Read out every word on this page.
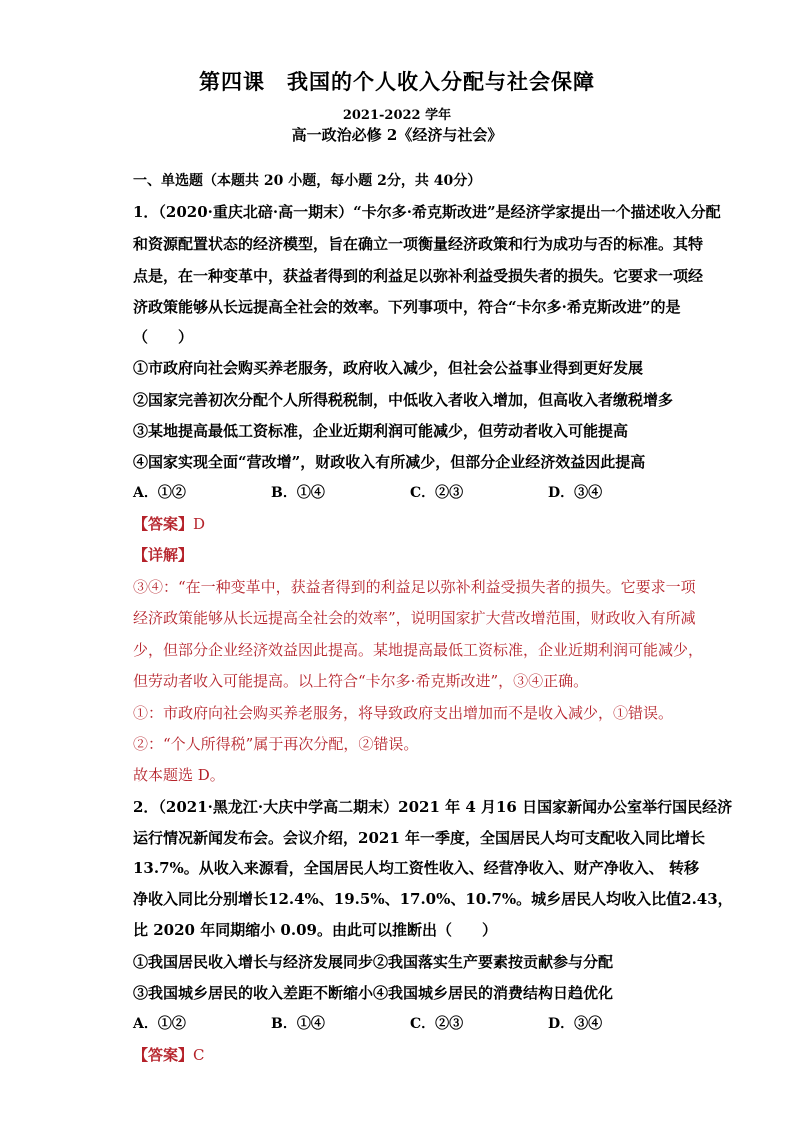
第四课　我国的个人收入分配与社会保障
2021-2022 学年
高一政治必修 2《经济与社会》
一、单选题（本题共 20 小题，每小题 2分，共 40分）
1．（2020·重庆北碚·高一期末）“卡尔多·希克斯改进”是经济学家提出一个描述收入分配
和资源配置状态的经济模型，旨在确立一项衡量经济政策和行为成功与否的标准。其特
点是，在一种变革中，获益者得到的利益足以弥补利益受损失者的损失。它要求一项经
济政策能够从长远提高全社会的效率。下列事项中，符合“卡尔多·希克斯改进”的是
（　　）
①市政府向社会购买养老服务，政府收入减少，但社会公益事业得到更好发展
②国家完善初次分配个人所得税税制，中低收入者收入增加，但高收入者缴税增多
③某地提高最低工资标准，企业近期利润可能减少，但劳动者收入可能提高
④国家实现全面“营改增”，财政收入有所减少，但部分企业经济效益因此提高
A．①②	B．①④	C．②③	D．③④
【答案】D
【详解】
③④：“在一种变革中，获益者得到的利益足以弥补利益受损失者的损失。它要求一项
经济政策能够从长远提高全社会的效率”，说明国家扩大营改增范围，财政收入有所减
少，但部分企业经济效益因此提高。某地提高最低工资标准，企业近期利润可能减少，
但劳动者收入可能提高。以上符合“卡尔多·希克斯改进”，③④正确。
①：市政府向社会购买养老服务，将导致政府支出增加而不是收入减少，①错误。
②：“个人所得税”属于再次分配，②错误。
故本题选 D。
2．（2021·黑龙江·大庆中学高二期末）2021 年 4 月16 日国家新闻办公室举行国民经济
运行情况新闻发布会。会议介绍，2021 年一季度，全国居民人均可支配收入同比增长
13.7%。从收入来源看，全国居民人均工资性收入、经营净收入、财产净收入、 转移
净收入同比分别增长12.4%、19.5%、17.0%、10.7%。城乡居民人均收入比值2.43，
比 2020 年同期缩小 0.09。由此可以推断出（　　）
①我国居民收入增长与经济发展同步②我国落实生产要素按贡献参与分配
③我国城乡居民的收入差距不断缩小④我国城乡居民的消费结构日趋优化
A．①②	B．①④	C．②③	D．③④
【答案】C
